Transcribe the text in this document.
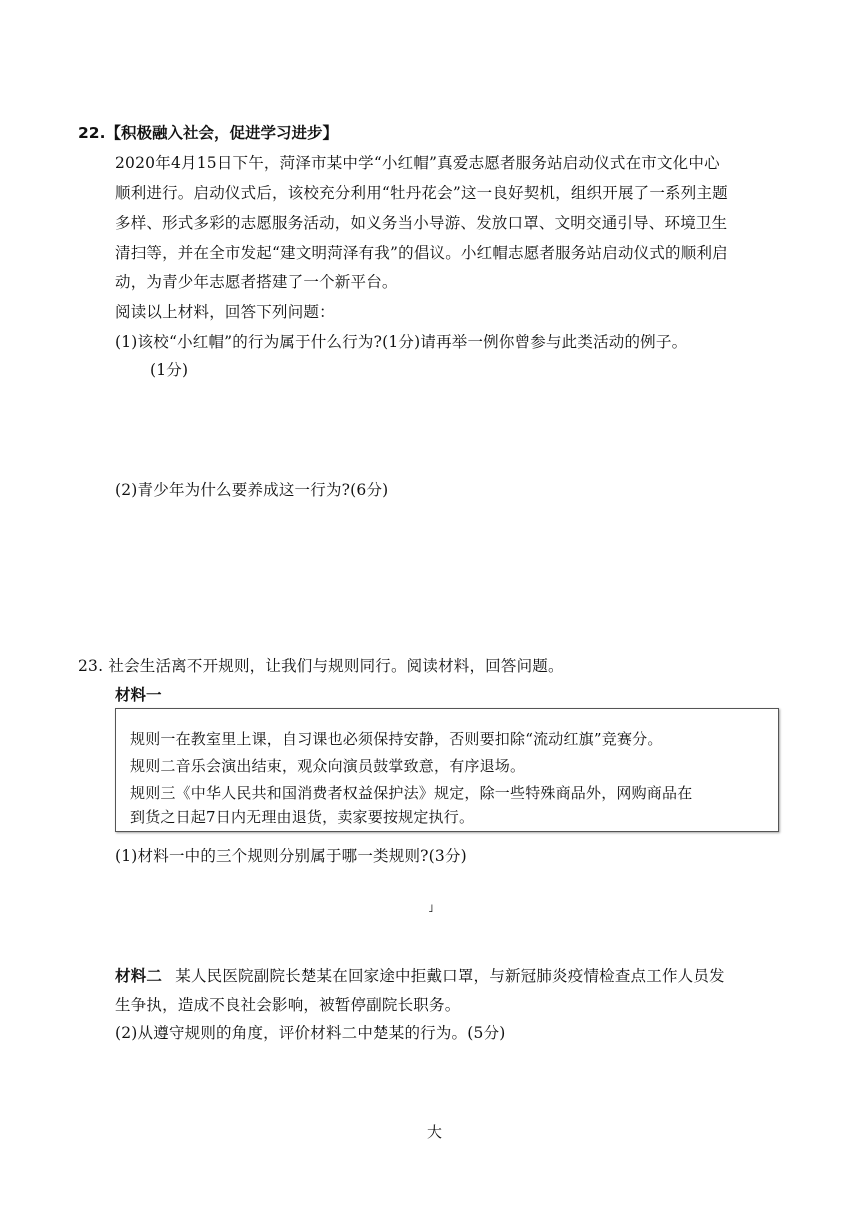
22.【积极融入社会，促进学习进步】
2020年4月15日下午，菏泽市某中学“小红帽”真爱志愿者服务站启动仪式在市文化中心
顺利进行。启动仪式后，该校充分利用“牡丹花会”这一良好契机，组织开展了一系列主题
多样、形式多彩的志愿服务活动，如义务当小导游、发放口罩、文明交通引导、环境卫生
清扫等，并在全市发起“建文明菏泽有我”的倡议。小红帽志愿者服务站启动仪式的顺利启
动，为青少年志愿者搭建了一个新平台。
阅读以上材料，回答下列问题：
(1)该校“小红帽”的行为属于什么行为?(1分)请再举一例你曾参与此类活动的例子。
(1分)
(2)青少年为什么要养成这一行为?(6分)
23. 社会生活离不开规则，让我们与规则同行。阅读材料，回答问题。
材料一
规则一在教室里上课，自习课也必须保持安静，否则要扣除“流动红旗”竞赛分。
规则二音乐会演出结束，观众向演员鼓掌致意，有序退场。
规则三《中华人民共和国消费者权益保护法》规定，除一些特殊商品外，网购商品在
到货之日起7日内无理由退货，卖家要按规定执行。
(1)材料一中的三个规则分别属于哪一类规则?(3分)
˩
材料二 某人民医院副院长楚某在回家途中拒戴口罩，与新冠肺炎疫情检查点工作人员发
生争执，造成不良社会影响，被暂停副院长职务。
(2)从遵守规则的角度，评价材料二中楚某的行为。(5分)
大
